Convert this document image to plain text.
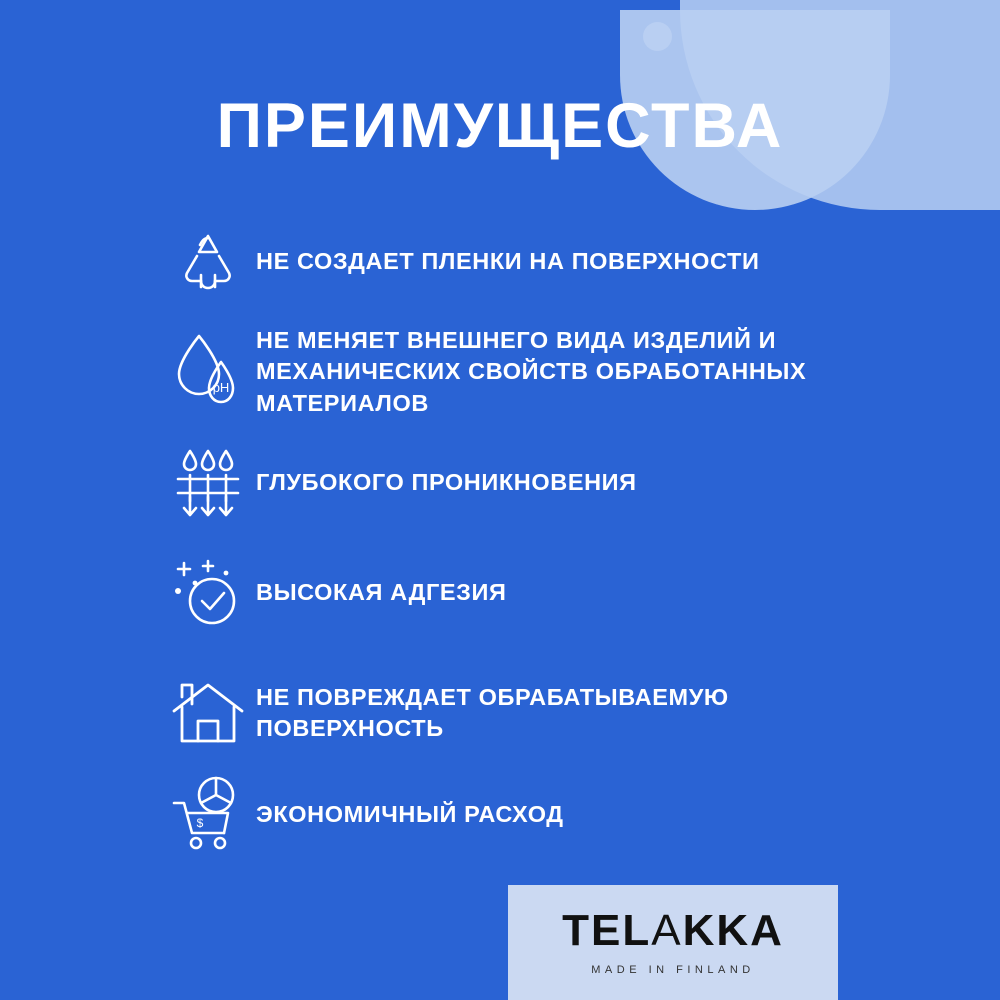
ПРЕИМУЩЕСТВА
НЕ СОЗДАЕТ ПЛЕНКИ НА ПОВЕРХНОСТИ
pH
НЕ МЕНЯЕТ ВНЕШНЕГО ВИДА ИЗДЕЛИЙ И МЕХАНИЧЕСКИХ СВОЙСТВ ОБРАБОТАННЫХ МАТЕРИАЛОВ
ГЛУБОКОГО ПРОНИКНОВЕНИЯ
ВЫСОКАЯ АДГЕЗИЯ
НЕ ПОВРЕЖДАЕТ ОБРАБАТЫВАЕМУЮ ПОВЕРХНОСТЬ
$ ЭКОНОМИЧНЫЙ РАСХОД
TELAKKA
MADE IN FINLAND
